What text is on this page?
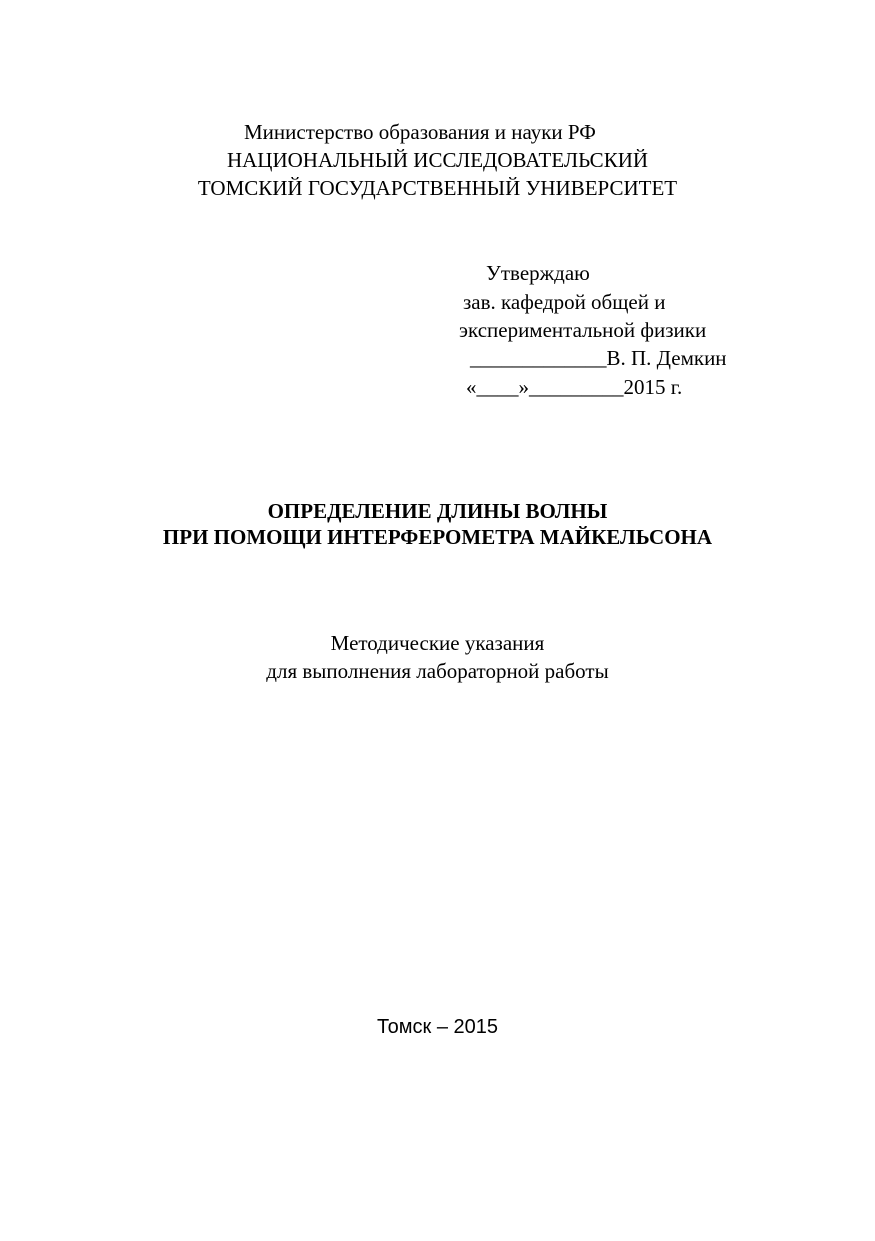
Министерство образования и науки РФ
НАЦИОНАЛЬНЫЙ ИССЛЕДОВАТЕЛЬСКИЙ
ТОМСКИЙ ГОСУДАРСТВЕННЫЙ УНИВЕРСИТЕТ
Утверждаю
зав. кафедрой общей и
экспериментальной физики
_____________В. П. Демкин
«____»_________2015 г.
ОПРЕДЕЛЕНИЕ ДЛИНЫ ВОЛНЫ
ПРИ ПОМОЩИ ИНТЕРФЕРОМЕТРА МАЙКЕЛЬСОНА
Методические указания
для выполнения лабораторной работы
Томск – 2015
